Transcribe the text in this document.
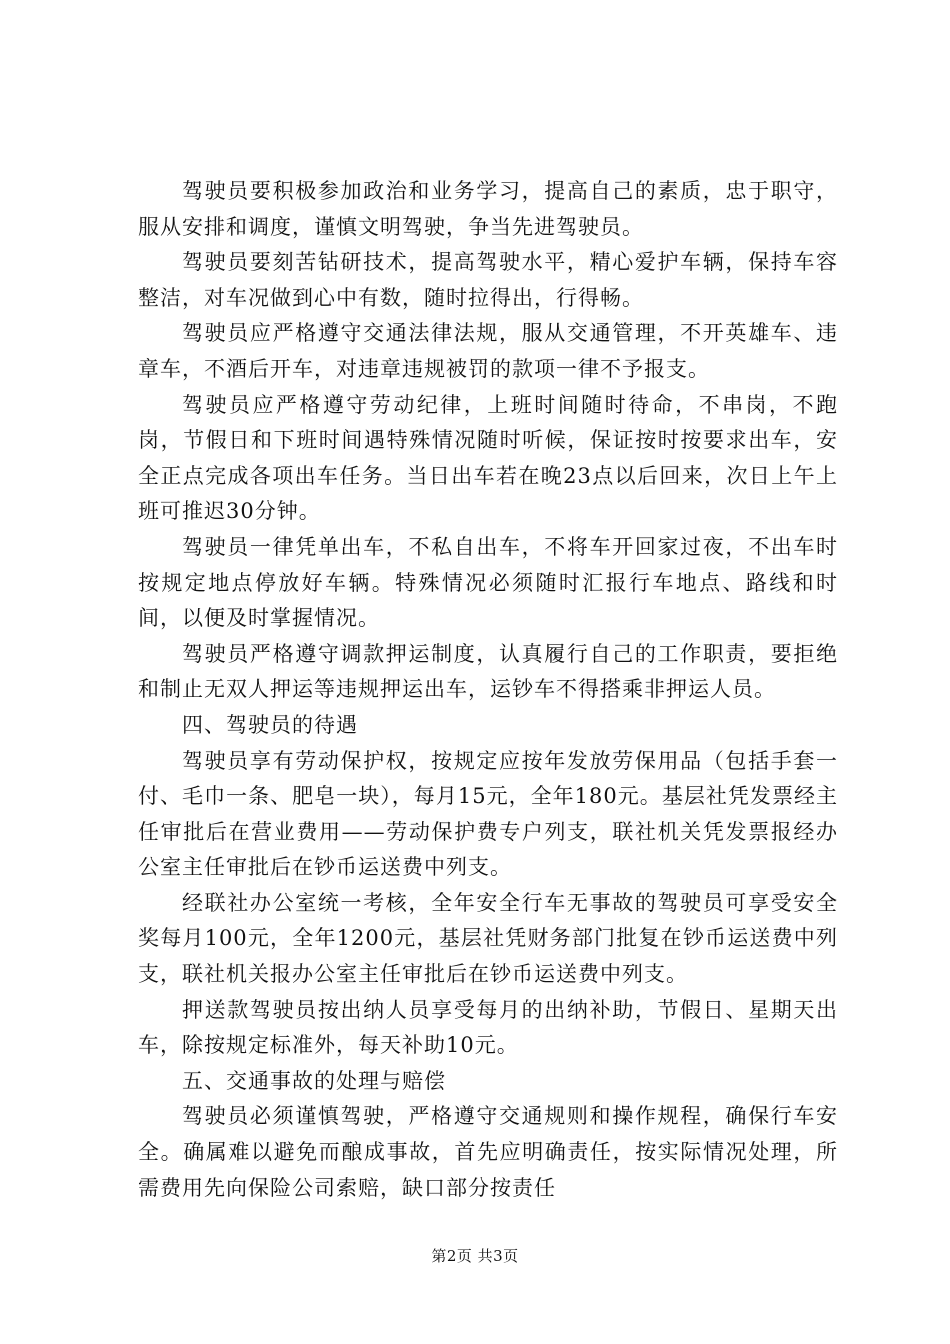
驾驶员要积极参加政治和业务学习，提高自己的素质，忠于职守，服从安排和调度，谨慎文明驾驶，争当先进驾驶员。

驾驶员要刻苦钻研技术，提高驾驶水平，精心爱护车辆，保持车容整洁，对车况做到心中有数，随时拉得出，行得畅。

驾驶员应严格遵守交通法律法规，服从交通管理，不开英雄车、违章车，不酒后开车，对违章违规被罚的款项一律不予报支。

驾驶员应严格遵守劳动纪律，上班时间随时待命，不串岗，不跑岗，节假日和下班时间遇特殊情况随时听候，保证按时按要求出车，安全正点完成各项出车任务。当日出车若在晚23点以后回来，次日上午上班可推迟30分钟。

驾驶员一律凭单出车，不私自出车，不将车开回家过夜，不出车时按规定地点停放好车辆。特殊情况必须随时汇报行车地点、路线和时间，以便及时掌握情况。

驾驶员严格遵守调款押运制度，认真履行自己的工作职责，要拒绝和制止无双人押运等违规押运出车，运钞车不得搭乘非押运人员。

四、驾驶员的待遇

驾驶员享有劳动保护权，按规定应按年发放劳保用品（包括手套一付、毛巾一条、肥皂一块），每月15元，全年180元。基层社凭发票经主任审批后在营业费用——劳动保护费专户列支，联社机关凭发票报经办公室主任审批后在钞币运送费中列支。

经联社办公室统一考核，全年安全行车无事故的驾驶员可享受安全奖每月100元，全年1200元，基层社凭财务部门批复在钞币运送费中列支，联社机关报办公室主任审批后在钞币运送费中列支。

押送款驾驶员按出纳人员享受每月的出纳补助，节假日、星期天出车，除按规定标准外，每天补助10元。

五、交通事故的处理与赔偿

驾驶员必须谨慎驾驶，严格遵守交通规则和操作规程，确保行车安全。确属难以避免而酿成事故，首先应明确责任，按实际情况处理，所需费用先向保险公司索赔，缺口部分按责任

第2页 共3页
